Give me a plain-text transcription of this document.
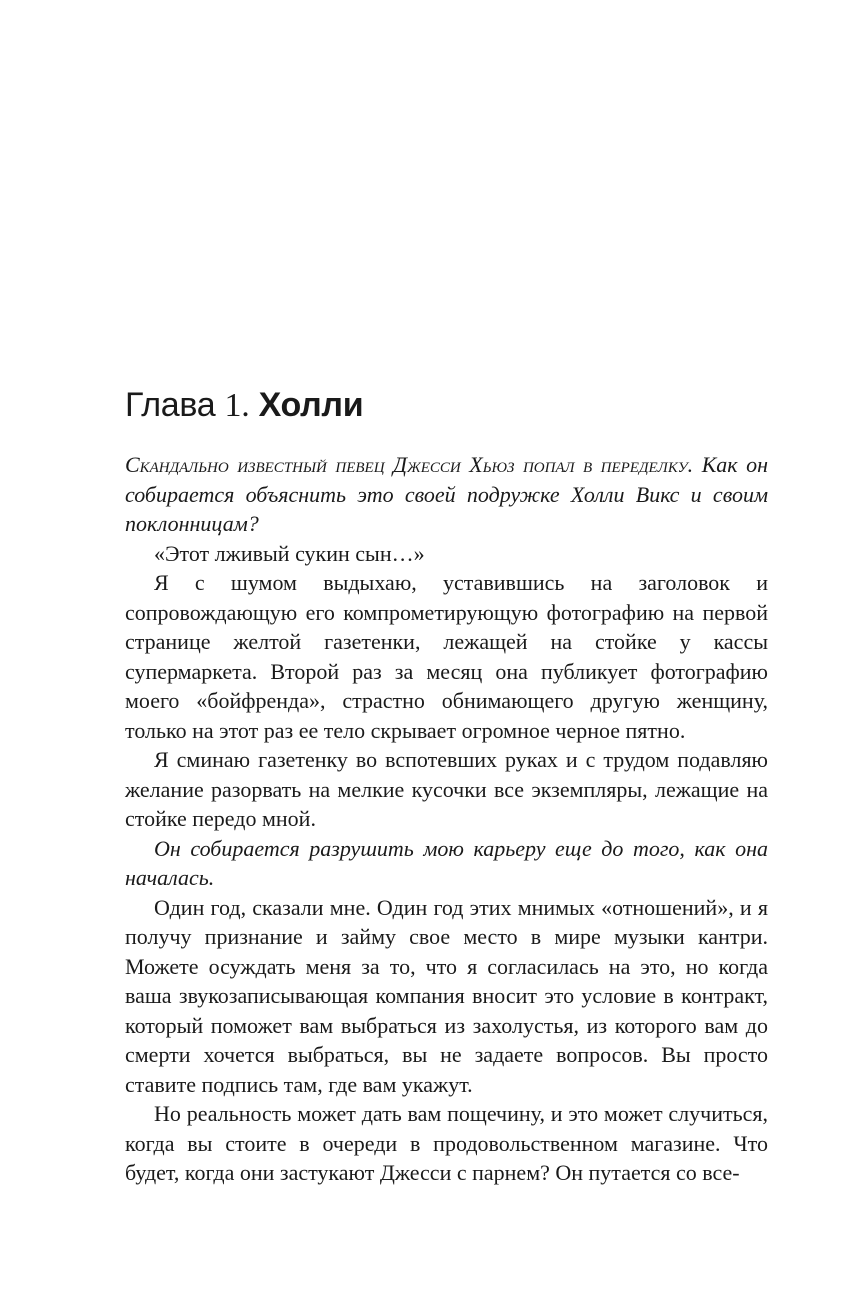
Глава 1. Холли

Скандально известный певец Джесси Хьюз попал в переделку. Как он собирается объяснить это своей подружке Холли Викс и своим поклонницам?

«Этот лживый сукин сын…»

Я с шумом выдыхаю, уставившись на заголовок и сопровождающую его компрометирующую фотографию на первой странице желтой газетенки, лежащей на стойке у кассы супермаркета. Второй раз за месяц она публикует фотографию моего «бойфренда», страстно обнимающего другую женщину, только на этот раз ее тело скрывает огромное черное пятно.

Я сминаю газетенку во вспотевших руках и с трудом подавляю желание разорвать на мелкие кусочки все экземпляры, лежащие на стойке передо мной.

Он собирается разрушить мою карьеру еще до того, как она началась.

Один год, сказали мне. Один год этих мнимых «отношений», и я получу признание и займу свое место в мире музыки кантри. Можете осуждать меня за то, что я согласилась на это, но когда ваша звукозаписывающая компания вносит это условие в контракт, который поможет вам выбраться из захолустья, из которого вам до смерти хочется выбраться, вы не задаете вопросов. Вы просто ставите подпись там, где вам укажут.

Но реальность может дать вам пощечину, и это может случиться, когда вы стоите в очереди в продовольственном магазине. Что будет, когда они застукают Джесси с парнем? Он путается со все-
